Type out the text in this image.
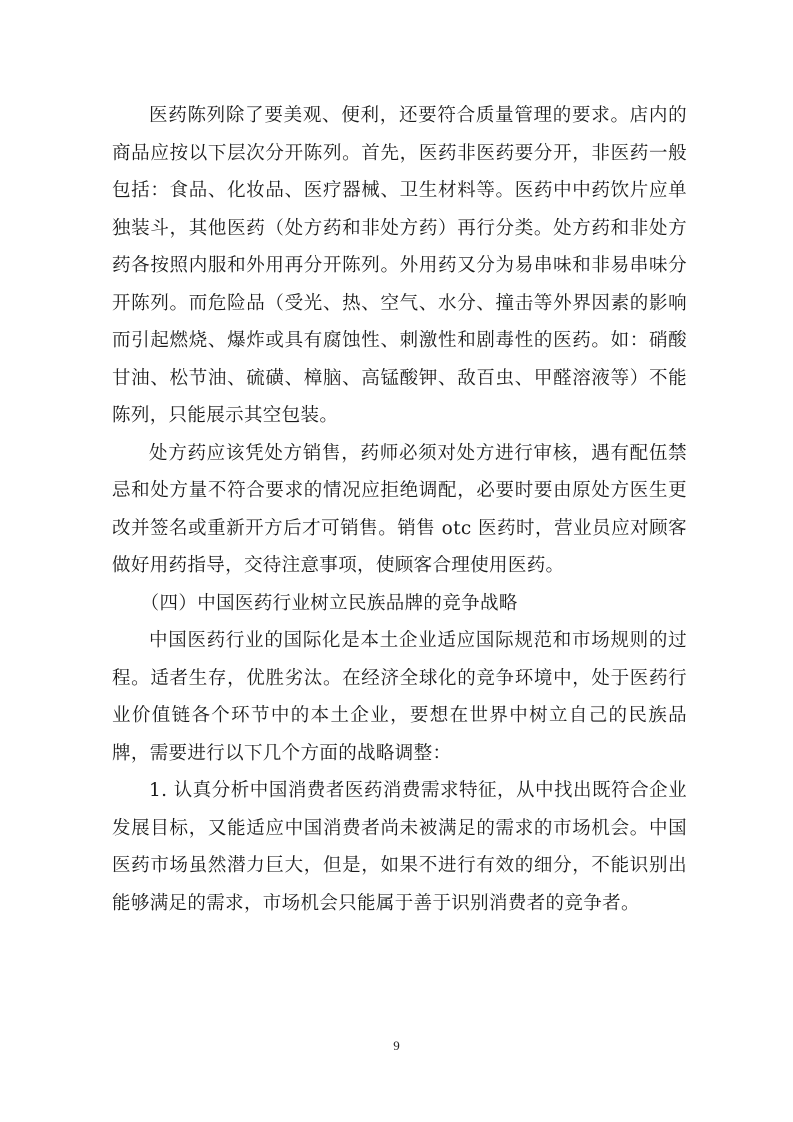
医药陈列除了要美观、便利，还要符合质量管理的要求。店内的商品应按以下层次分开陈列。首先，医药非医药要分开，非医药一般包括：食品、化妆品、医疗器械、卫生材料等。医药中中药饮片应单独装斗，其他医药（处方药和非处方药）再行分类。处方药和非处方药各按照内服和外用再分开陈列。外用药又分为易串味和非易串味分开陈列。而危险品（受光、热、空气、水分、撞击等外界因素的影响而引起燃烧、爆炸或具有腐蚀性、刺激性和剧毒性的医药。如：硝酸甘油、松节油、硫磺、樟脑、高锰酸钾、敌百虫、甲醛溶液等）不能陈列，只能展示其空包装。

处方药应该凭处方销售，药师必须对处方进行审核，遇有配伍禁忌和处方量不符合要求的情况应拒绝调配，必要时要由原处方医生更改并签名或重新开方后才可销售。销售 otc 医药时，营业员应对顾客做好用药指导，交待注意事项，使顾客合理使用医药。

（四）中国医药行业树立民族品牌的竞争战略

中国医药行业的国际化是本土企业适应国际规范和市场规则的过程。适者生存，优胜劣汰。在经济全球化的竞争环境中，处于医药行业价值链各个环节中的本土企业，要想在世界中树立自己的民族品牌，需要进行以下几个方面的战略调整：

1. 认真分析中国消费者医药消费需求特征，从中找出既符合企业发展目标，又能适应中国消费者尚未被满足的需求的市场机会。中国医药市场虽然潜力巨大，但是，如果不进行有效的细分，不能识别出能够满足的需求，市场机会只能属于善于识别消费者的竞争者。

9
